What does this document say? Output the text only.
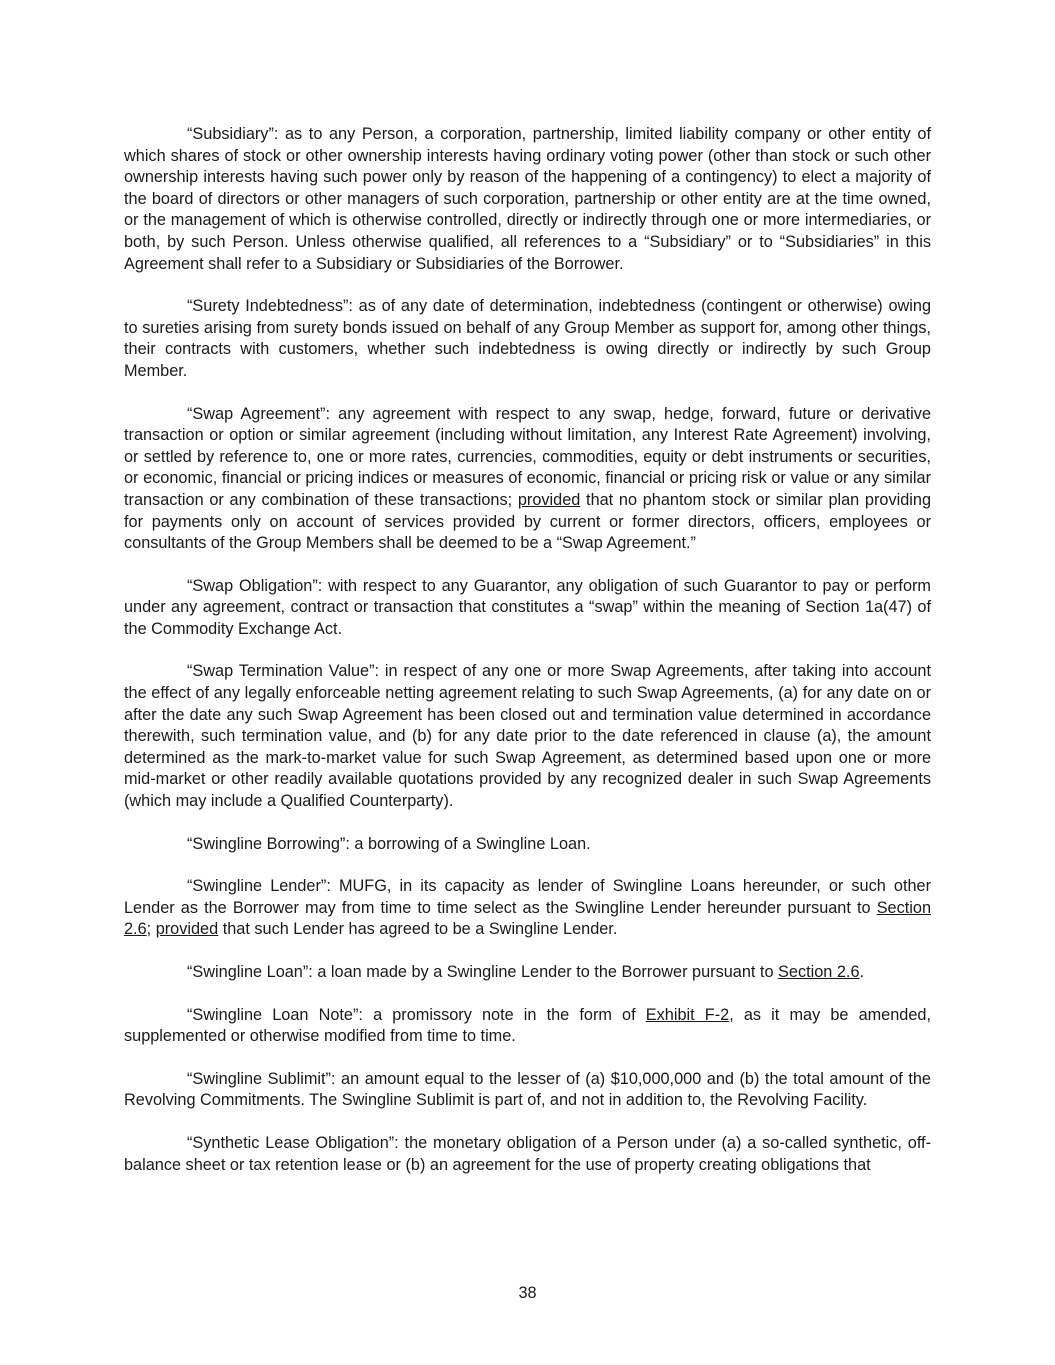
“Subsidiary”: as to any Person, a corporation, partnership, limited liability company or other entity of which shares of stock or other ownership interests having ordinary voting power (other than stock or such other ownership interests having such power only by reason of the happening of a contingency) to elect a majority of the board of directors or other managers of such corporation, partnership or other entity are at the time owned, or the management of which is otherwise controlled, directly or indirectly through one or more intermediaries, or both, by such Person. Unless otherwise qualified, all references to a “Subsidiary” or to “Subsidiaries” in this Agreement shall refer to a Subsidiary or Subsidiaries of the Borrower.

“Surety Indebtedness”: as of any date of determination, indebtedness (contingent or otherwise) owing to sureties arising from surety bonds issued on behalf of any Group Member as support for, among other things, their contracts with customers, whether such indebtedness is owing directly or indirectly by such Group Member.

“Swap Agreement”: any agreement with respect to any swap, hedge, forward, future or derivative transaction or option or similar agreement (including without limitation, any Interest Rate Agreement) involving, or settled by reference to, one or more rates, currencies, commodities, equity or debt instruments or securities, or economic, financial or pricing indices or measures of economic, financial or pricing risk or value or any similar transaction or any combination of these transactions; provided that no phantom stock or similar plan providing for payments only on account of services provided by current or former directors, officers, employees or consultants of the Group Members shall be deemed to be a “Swap Agreement.”

“Swap Obligation”: with respect to any Guarantor, any obligation of such Guarantor to pay or perform under any agreement, contract or transaction that constitutes a “swap” within the meaning of Section 1a(47) of the Commodity Exchange Act.

“Swap Termination Value”: in respect of any one or more Swap Agreements, after taking into account the effect of any legally enforceable netting agreement relating to such Swap Agreements, (a) for any date on or after the date any such Swap Agreement has been closed out and termination value determined in accordance therewith, such termination value, and (b) for any date prior to the date referenced in clause (a), the amount determined as the mark-to-market value for such Swap Agreement, as determined based upon one or more mid-market or other readily available quotations provided by any recognized dealer in such Swap Agreements (which may include a Qualified Counterparty).

“Swingline Borrowing”: a borrowing of a Swingline Loan.

“Swingline Lender”: MUFG, in its capacity as lender of Swingline Loans hereunder, or such other Lender as the Borrower may from time to time select as the Swingline Lender hereunder pursuant to Section 2.6; provided that such Lender has agreed to be a Swingline Lender.

“Swingline Loan”: a loan made by a Swingline Lender to the Borrower pursuant to Section 2.6.

“Swingline Loan Note”: a promissory note in the form of Exhibit F-2, as it may be amended, supplemented or otherwise modified from time to time.

“Swingline Sublimit”: an amount equal to the lesser of (a) $10,000,000 and (b) the total amount of the Revolving Commitments. The Swingline Sublimit is part of, and not in addition to, the Revolving Facility.

“Synthetic Lease Obligation”: the monetary obligation of a Person under (a) a so-called synthetic, off-balance sheet or tax retention lease or (b) an agreement for the use of property creating obligations that

38
